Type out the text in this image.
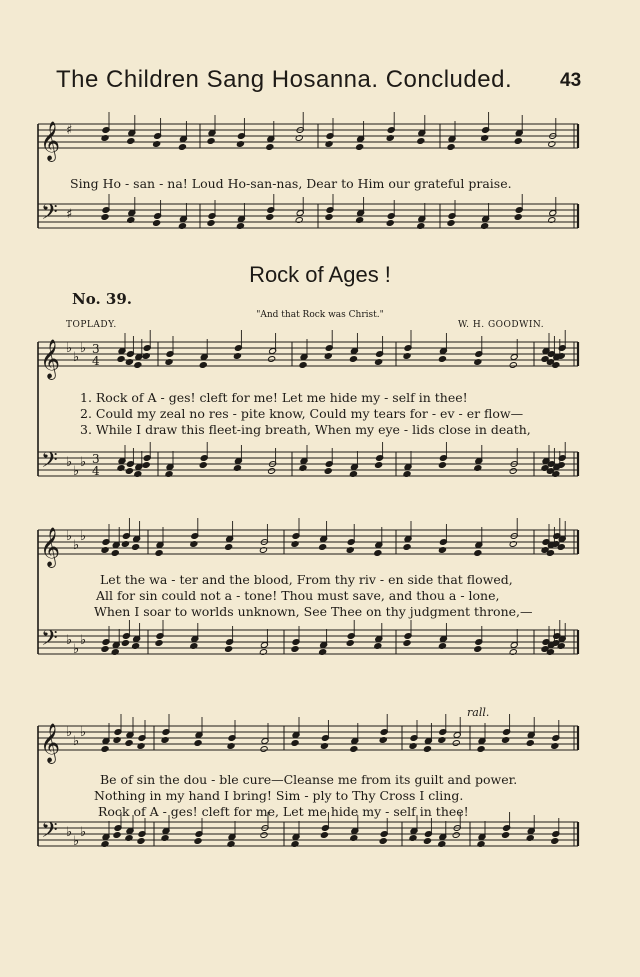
The Children Sang Hosanna. Concluded.	43
Sing Ho - san - na! Loud Ho-san-nas, Dear to Him our grateful praise.
Rock of Ages !
No. 39.
"And that Rock was Christ."
TOPLADY.	W. H. GOODWIN.
1. Rock of A - ges! cleft for me! Let me hide my - self in thee!
2. Could my zeal no res - pite know, Could my tears for - ev - er flow—
3. While I draw this fleet-ing breath, When my eye - lids close in death,
Let the wa - ter and the blood, From thy riv - en side that flowed,
All for sin could not a - tone! Thou must save, and thou a - lone,
When I soar to worlds unknown, See Thee on thy judgment throne,—
rall.
Be of sin the dou - ble cure—Cleanse me from its guilt and power.
Nothing in my hand I bring! Sim - ply to Thy Cross I cling.
Rock of A - ges! cleft for me, Let me hide my - self in thee!
𝄞
𝄢
♯
♯
𝄞
𝄢
♭
♭
♭
♭
♭
♭
3
4
3
4
𝄞
𝄢
♭
♭
♭
♭
♭
♭
𝄞
𝄢
♭
♭
♭
♭
♭
♭
